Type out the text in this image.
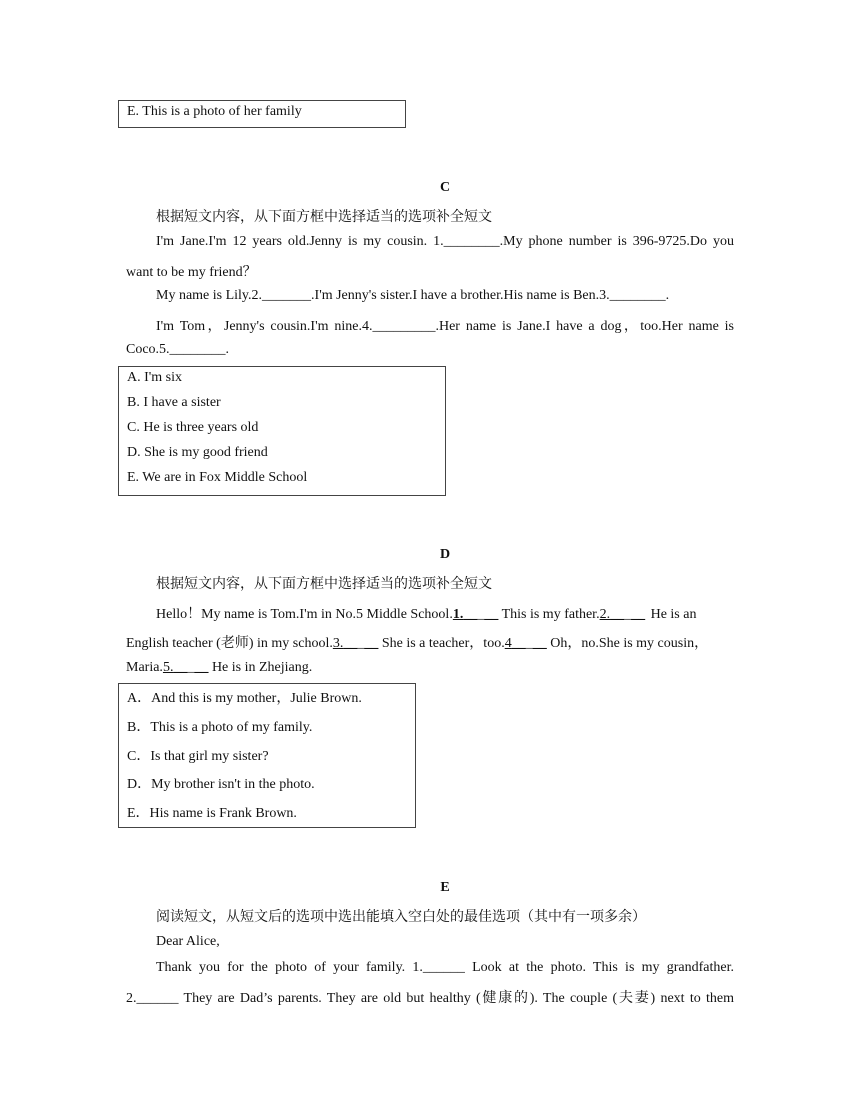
E. This is a photo of her family
C
根据短文内容，从下面方框中选择适当的选项补全短文
I'm Jane.I'm 12 years old.Jenny is my cousin. 1.________.My phone number is 396-9725.Do you
want to be my friend？
My name is Lily.2._______.I'm Jenny's sister.I have a brother.His name is Ben.3.________.
I'm Tom，Jenny's cousin.I'm nine.4._________.Her name is Jane.I have a dog，too.Her name is
Coco.5.________.
A. I'm six
B. I have a sister
C. He is three years old
D. She is my good friend
E. We are in Fox Middle School
D
根据短文内容，从下面方框中选择适当的选项补全短文
Hello！My name is Tom.I'm in No.5 Middle School.1._____ This is my father.2._____ He is an
English teacher (老师) in my school.3._____ She is a teacher，too.4_____ Oh，no.She is my cousin，
Maria.5._____ He is in Zhejiang.
A．And this is my mother，Julie Brown.
B．This is a photo of my family.
C．Is that girl my sister?
D．My brother isn't in the photo.
E．His name is Frank Brown.
E
阅读短文，从短文后的选项中选出能填入空白处的最佳选项（其中有一项多余）
Dear Alice,
Thank you for the photo of your family. 1.______ Look at the photo. This is my grandfather.
2.______ They are Dad’s parents. They are old but healthy (健康的). The couple (夫妻) next to them
